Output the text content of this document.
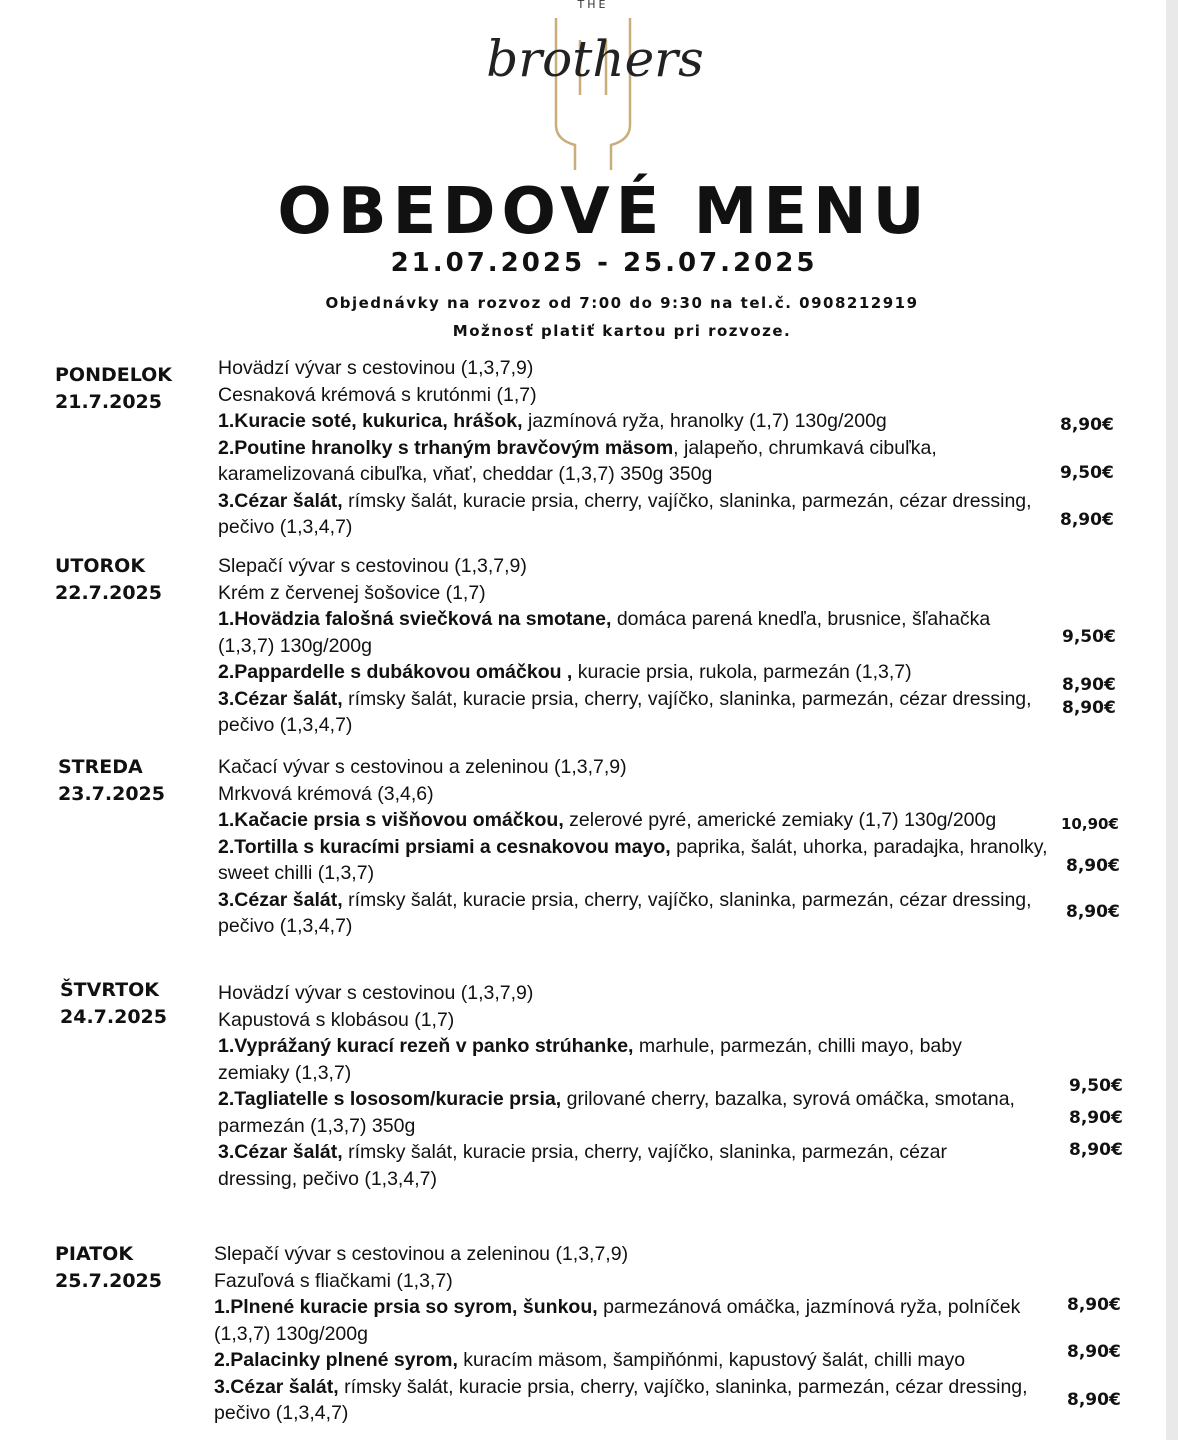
THE
brothers
OBEDOVÉ MENU
21.07.2025 - 25.07.2025
Objednávky na rozvoz od 7:00 do 9:30 na tel.č. 0908212919
Možnosť platiť kartou pri rozvoze.
PONDELOK
21.7.2025
Hovädzí vývar s cestovinou (1,3,7,9)
Cesnaková krémová s krutónmi (1,7)
1.Kuracie soté, kukurica, hrášok, jazmínová ryža, hranolky (1,7) 130g/200g
2.Poutine hranolky s trhaným bravčovým mäsom, jalapeňo, chrumkavá cibuľka, karamelizovaná cibuľka, vňať, cheddar (1,3,7) 350g 350g
3.Cézar šalát, rímsky šalát, kuracie prsia, cherry, vajíčko, slaninka, parmezán, cézar dressing, pečivo (1,3,4,7)
8,90€
9,50€
8,90€
UTOROK
22.7.2025
Slepačí vývar s cestovinou (1,3,7,9)
Krém z červenej šošovice (1,7)
1.Hovädzia falošná sviečková na smotane, domáca parená knedľa, brusnice, šľahačka (1,3,7) 130g/200g
2.Pappardelle s dubákovou omáčkou , kuracie prsia, rukola, parmezán (1,3,7)
3.Cézar šalát, rímsky šalát, kuracie prsia, cherry, vajíčko, slaninka, parmezán, cézar dressing, pečivo (1,3,4,7)
9,50€
8,90€
8,90€
STREDA
23.7.2025
Kačací vývar s cestovinou a zeleninou (1,3,7,9)
Mrkvová krémová (3,4,6)
1.Kačacie prsia s višňovou omáčkou, zelerové pyré, americké zemiaky (1,7) 130g/200g
2.Tortilla s kuracími prsiami a cesnakovou mayo, paprika, šalát, uhorka, paradajka, hranolky, sweet chilli (1,3,7)
3.Cézar šalát, rímsky šalát, kuracie prsia, cherry, vajíčko, slaninka, parmezán, cézar dressing, pečivo (1,3,4,7)
10,90€
8,90€
8,90€
ŠTVRTOK
24.7.2025
Hovädzí vývar s cestovinou (1,3,7,9)
Kapustová s klobásou (1,7)
1.Vyprážaný kurací rezeň v panko strúhanke, marhule, parmezán, chilli mayo, baby zemiaky (1,3,7)
2.Tagliatelle s lososom/kuracie prsia, grilované cherry, bazalka, syrová omáčka, smotana, parmezán (1,3,7) 350g
3.Cézar šalát, rímsky šalát, kuracie prsia, cherry, vajíčko, slaninka, parmezán, cézar dressing, pečivo (1,3,4,7)
9,50€
8,90€
8,90€
PIATOK
25.7.2025
Slepačí vývar s cestovinou a zeleninou (1,3,7,9)
Fazuľová s fliačkami (1,3,7)
1.Plnené kuracie prsia so syrom, šunkou, parmezánová omáčka, jazmínová ryža, polníček (1,3,7) 130g/200g
2.Palacinky plnené syrom, kuracím mäsom, šampiňónmi, kapustový šalát, chilli mayo
3.Cézar šalát, rímsky šalát, kuracie prsia, cherry, vajíčko, slaninka, parmezán, cézar dressing, pečivo (1,3,4,7)
8,90€
8,90€
8,90€
